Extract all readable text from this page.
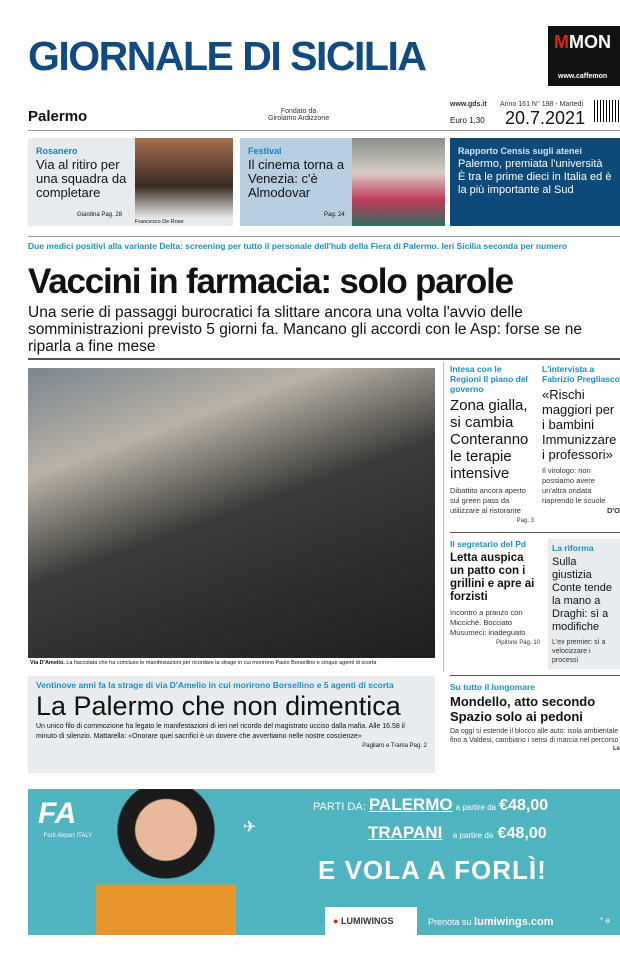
GIORNALE DI SICILIA	MMON
www.caffemon
Palermo	Fondato da
Girolamo Ardizzone
www.gds.it
Euro 1,30
Anno 161 N° 198 - Martedì
20.7.2021
Rosanero

Via al ritiro per una squadra da completare

Giardina Pag. 28
Francesco De Rose
Festival

Il cinema torna a Venezia: c'è Almodovar

Pag. 24
Rapporto Censis sugli atenei

Palermo, premiata l'università È tra le prime dieci in Italia ed è la più importante al Sud

Due medici positivi alla variante Delta: screening per tutto il personale dell'hub della Fiera di Palermo. Ieri Sicilia seconda per numero
Vaccini in farmacia: solo parole
Una serie di passaggi burocratici fa slittare ancora una volta l'avvio delle somministrazioni previsto 5 giorni fa. Mancano gli accordi con le Asp: forse se ne riparla a fine mese
Via D'Amelio. La fiaccolata che ha concluso le manifestazioni per ricordare la strage in cui morirono Paolo Borsellino e cinque agenti di scorta
Ventinove anni fa la strage di via D'Amelio in cui morirono Borsellino e 5 agenti di scorta
La Palermo che non dimentica
Un unico filo di commozione ha legato le manifestazioni di ieri nel ricordo del magistrato ucciso dalla mafia. Alle 16.58 il minuto di silenzio. Mattarella: «Onorare quei sacrifici è un dovere che avvertiamo nelle nostre coscienze»
Pagliaro e Trama Pag. 2
Intesa con le Regioni Il piano del governo
Zona gialla, si cambia Conteranno le terapie intensive
Dibattito ancora aperto sul green pass da utilizzare al ristorante
Pag. 3
L'intervista a Fabrizio Pregliasco
«Rischi maggiori per i bambini Immunizzare i professori»
Il virologo: non possiamo avere un'altra ondata riaprendo le scuole
D'O
Il segretario del Pd
Letta auspica un patto con i grillini e apre ai forzisti
Incontro a pranzo con Miccichè. Bocciato Musumeci: inadeguato
Pipitone Pag. 10
La riforma
Sulla giustizia Conte tende la mano a Draghi: sì a modifiche
L'ex premier: sì a velocizzare i processi
Su tutto il lungomare
Mondello, atto secondo Spazio solo ai pedoni
Da oggi si estende il blocco alle auto: isola ambientale fino a Valdesi, cambiano i sensi di marcia nel percorso
Le
FA
Forlì Airport ITALY	✈
PARTI DA: PALERMO a partire da €48,00
TRAPANI a partire da €48,00
E VOLA A FORLÌ!
● LUMIWINGS	Prenota su lumiwings.com	* a
